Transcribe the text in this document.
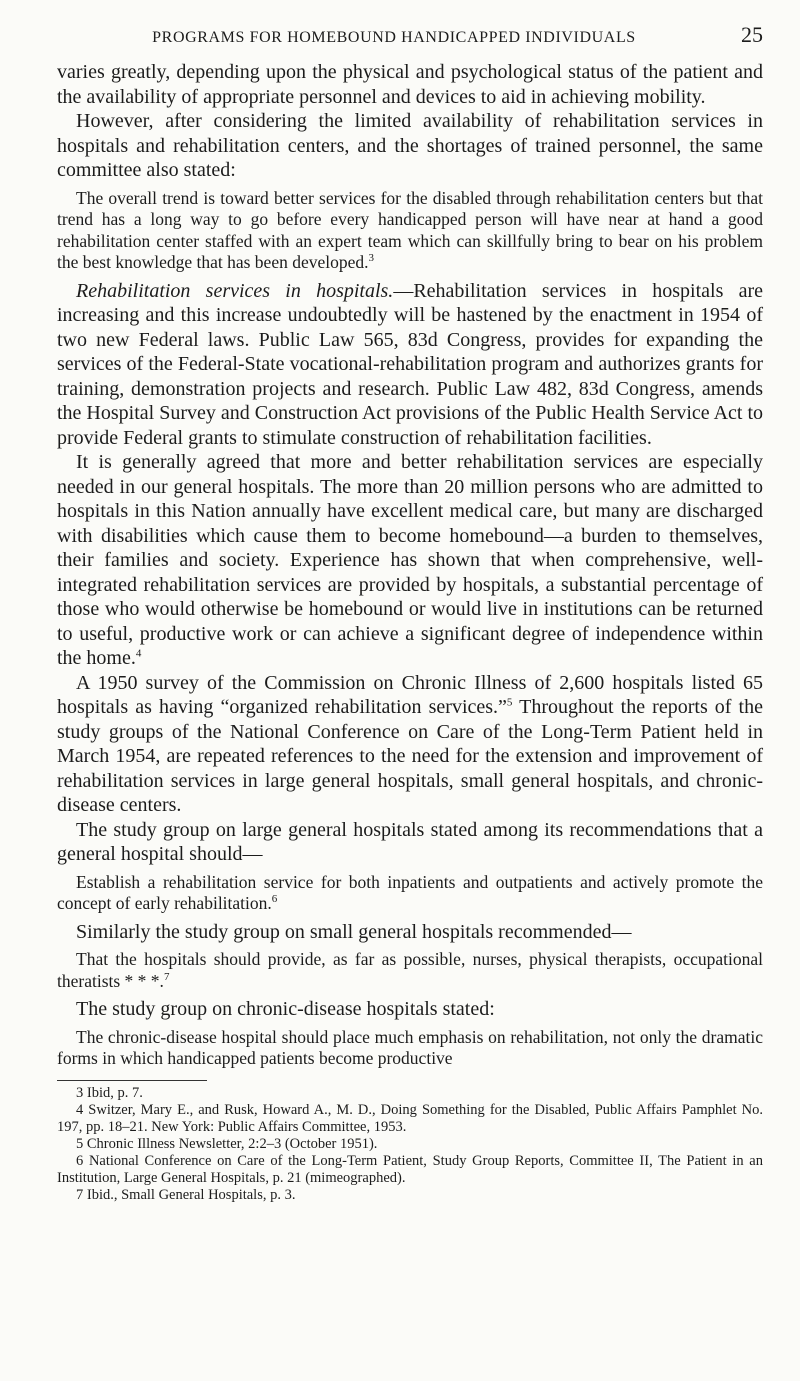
PROGRAMS FOR HOMEBOUND HANDICAPPED INDIVIDUALS	25

varies greatly, depending upon the physical and psychological status of the patient and the availability of appropriate personnel and devices to aid in achieving mobility.

However, after considering the limited availability of rehabilitation services in hospitals and rehabilitation centers, and the shortages of trained personnel, the same committee also stated:

The overall trend is toward better services for the disabled through rehabilitation centers but that trend has a long way to go before every handicapped person will have near at hand a good rehabilitation center staffed with an expert team which can skillfully bring to bear on his problem the best knowledge that has been developed.$^3$

Rehabilitation services in hospitals.—Rehabilitation services in hospitals are increasing and this increase undoubtedly will be hastened by the enactment in 1954 of two new Federal laws. Public Law 565, 83d Congress, provides for expanding the services of the Federal-State vocational-rehabilitation program and authorizes grants for training, demonstration projects and research. Public Law 482, 83d Congress, amends the Hospital Survey and Construction Act provisions of the Public Health Service Act to provide Federal grants to stimulate construction of rehabilitation facilities.

It is generally agreed that more and better rehabilitation services are especially needed in our general hospitals. The more than 20 million persons who are admitted to hospitals in this Nation annually have excellent medical care, but many are discharged with disabilities which cause them to become homebound—a burden to themselves, their families and society. Experience has shown that when comprehensive, well-integrated rehabilitation services are provided by hospitals, a substantial percentage of those who would otherwise be homebound or would live in institutions can be returned to useful, productive work or can achieve a significant degree of independence within the home.$^4$

A 1950 survey of the Commission on Chronic Illness of 2,600 hospitals listed 65 hospitals as having “organized rehabilitation services.”$^5$ Throughout the reports of the study groups of the National Conference on Care of the Long-Term Patient held in March 1954, are repeated references to the need for the extension and improvement of rehabilitation services in large general hospitals, small general hospitals, and chronic-disease centers.

The study group on large general hospitals stated among its recommendations that a general hospital should—

Establish a rehabilitation service for both inpatients and outpatients and actively promote the concept of early rehabilitation.$^6$

Similarly the study group on small general hospitals recommended—

That the hospitals should provide, as far as possible, nurses, physical therapists, occupational theratists * * *.$^7$

The study group on chronic-disease hospitals stated:

The chronic-disease hospital should place much emphasis on rehabilitation, not only the dramatic forms in which handicapped patients become productive

3 Ibid, p. 7.

4 Switzer, Mary E., and Rusk, Howard A., M. D., Doing Something for the Disabled, Public Affairs Pamphlet No. 197, pp. 18–21. New York: Public Affairs Committee, 1953.

5 Chronic Illness Newsletter, 2:2–3 (October 1951).

6 National Conference on Care of the Long-Term Patient, Study Group Reports, Committee II, The Patient in an Institution, Large General Hospitals, p. 21 (mimeographed).

7 Ibid., Small General Hospitals, p. 3.
